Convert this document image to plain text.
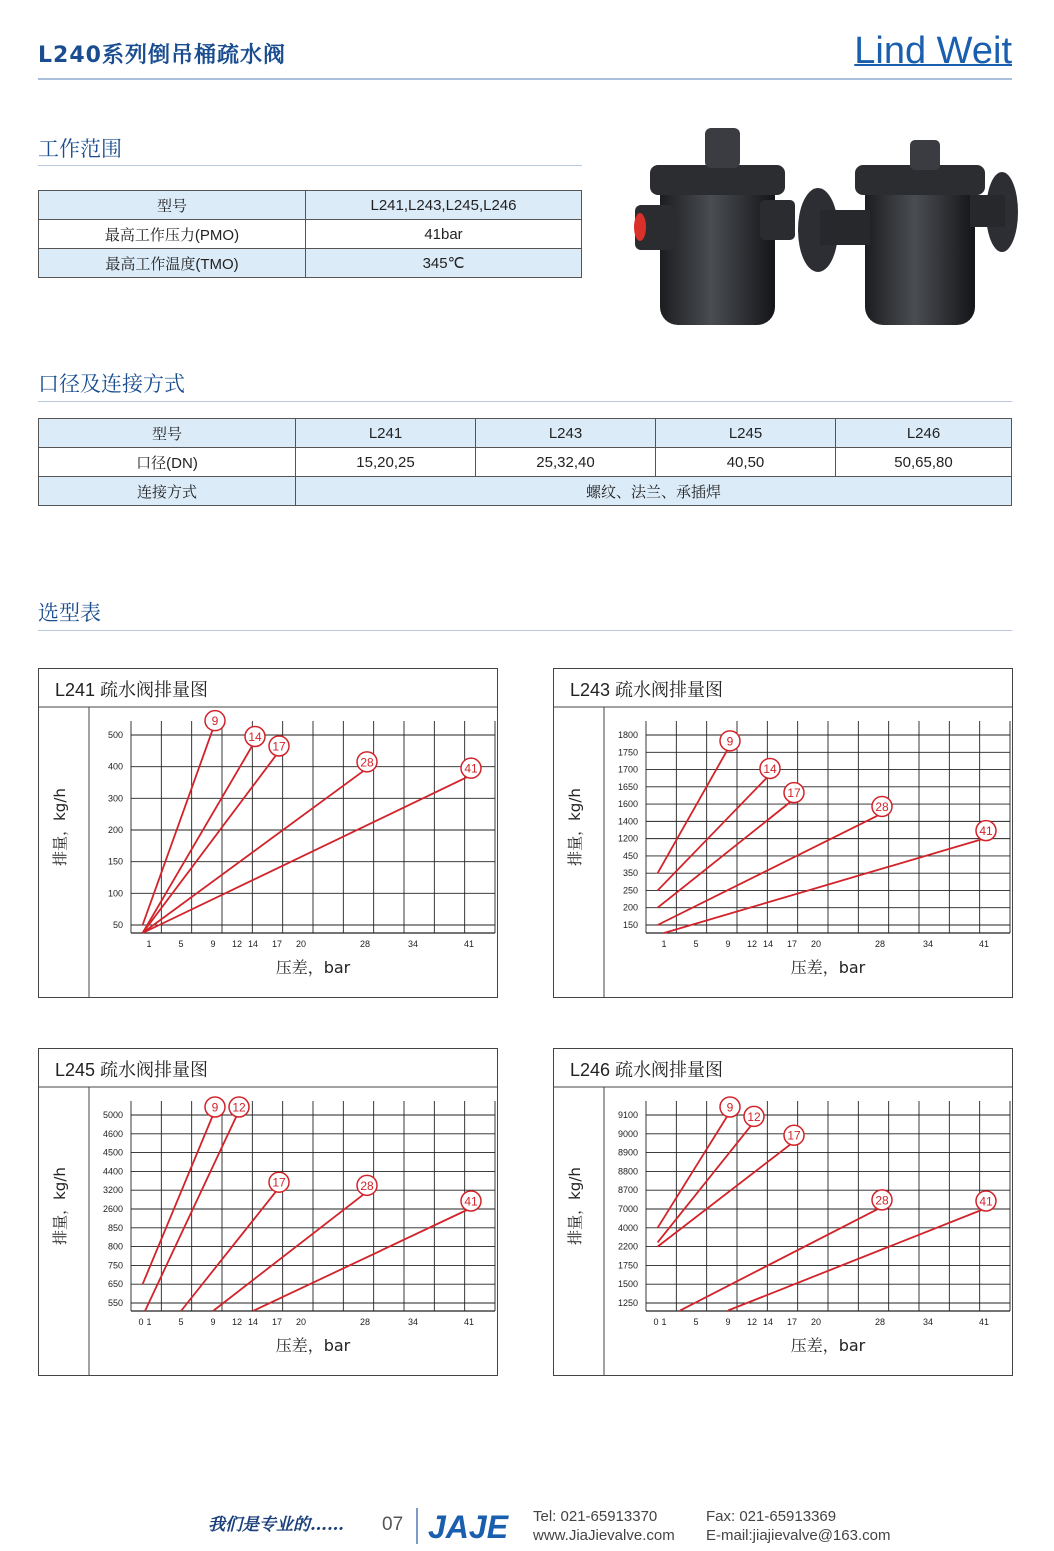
L240系列倒吊桶疏水阀	Lind Weit
工作范围
型号	L241,L243,L245,L246
最高工作压力(PMO)	41bar
最高工作温度(TMO)	345℃
口径及连接方式
型号	L241	L243	L245	L246
口径(DN)	15,20,25	25,32,40	40,50	50,65,80
连接方式	螺纹、法兰、承插焊			
选型表
L241 疏水阀排量图
50
100
150
200
300
400
500
1	5	9 12 14 17 20	28	34	41
压差，bar
排量，kg/h
9
14
17
28	41
L243 疏水阀排量图
150
200
250
350
450
1200
1400
1600
1650
1700
1750
1800
1	5	9 12 14 17 20	28	34	41
压差，bar
排量，kg/h
9
14
17
28
41
L245 疏水阀排量图
550
650
750
800
850
2600
3200
4400
4500
4600
5000
0 1	5	9 12 14 17 20	28	34	41
压差，bar
排量，kg/h
9 12
17	28
41
L246 疏水阀排量图
1250
1500
1750
2200
4000
7000
8700
8800
8900
9000
9100
0 1	5	9 12 14 17 20	28	34	41
压差，bar
排量，kg/h
9
12
17
28	41
我们是专业的…… 07 JAJE Tel: 021-65913370
www.JiaJievalve.com
Fax: 021-65913369
E-mail:jiajievalve@163.com
